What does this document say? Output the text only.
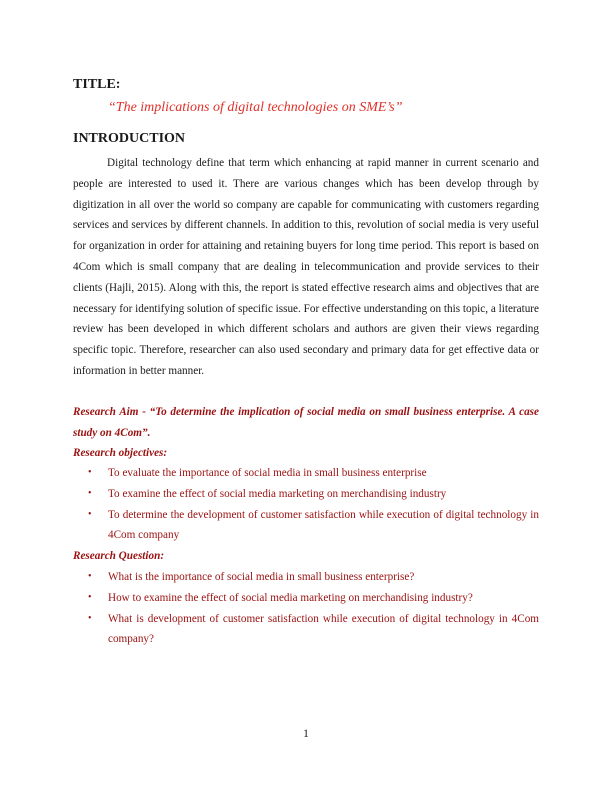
TITLE:
“The implications of digital technologies on SME’s”
INTRODUCTION
Digital technology define that term which enhancing at rapid manner in current scenario and people are interested to used it. There are various changes which has been develop through by digitization in all over the world so company are capable for communicating with customers regarding services and services by different channels. In addition to this, revolution of social media is very useful for organization in order for attaining and retaining buyers for long time period. This report is based on 4Com which is small company that are dealing in telecommunication and provide services to their clients (Hajli, 2015). Along with this, the report is stated effective research aims and objectives that are necessary for identifying solution of specific issue. For effective understanding on this topic, a literature review has been developed in which different scholars and authors are given their views regarding specific topic. Therefore, researcher can also used secondary and primary data for get effective data or information in better manner.
Research Aim - “To determine the implication of social media on small business enterprise. A case study on 4Com”.
Research objectives:
• To evaluate the importance of social media in small business enterprise
• To examine the effect of social media marketing on merchandising industry
• To determine the development of customer satisfaction while execution of digital technology in 4Com company
Research Question:
• What is the importance of social media in small business enterprise?
• How to examine the effect of social media marketing on merchandising industry?
• What is development of customer satisfaction while execution of digital technology in 4Com company?
1
